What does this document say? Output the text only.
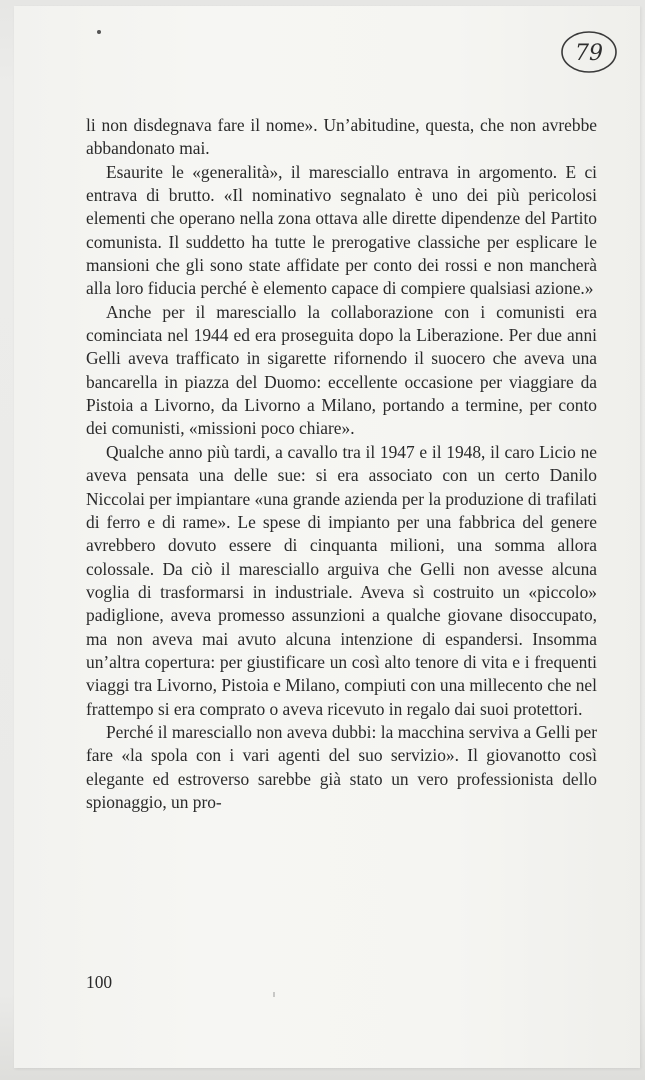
79

li non disdegnava fare il nome». Un’abitudine, questa, che non avrebbe abbandonato mai.

Esaurite le «generalità», il maresciallo entrava in argomento. E ci entrava di brutto. «Il nominativo segnalato è uno dei più pericolosi elementi che operano nella zona ottava alle dirette dipendenze del Partito comunista. Il suddetto ha tutte le prerogative classiche per esplicare le mansioni che gli sono state affidate per conto dei rossi e non mancherà alla loro fiducia perché è elemento capace di compiere qualsiasi azione.»

Anche per il maresciallo la collaborazione con i comunisti era cominciata nel 1944 ed era proseguita dopo la Liberazione. Per due anni Gelli aveva trafficato in sigarette rifornendo il suocero che aveva una bancarella in piazza del Duomo: eccellente occasione per viaggiare da Pistoia a Livorno, da Livorno a Milano, portando a termine, per conto dei comunisti, «missioni poco chiare».

Qualche anno più tardi, a cavallo tra il 1947 e il 1948, il caro Licio ne aveva pensata una delle sue: si era associato con un certo Danilo Niccolai per impiantare «una grande azienda per la produzione di trafilati di ferro e di rame». Le spese di impianto per una fabbrica del genere avrebbero dovuto essere di cinquanta milioni, una somma allora colossale. Da ciò il maresciallo arguiva che Gelli non avesse alcuna voglia di trasformarsi in industriale. Aveva sì costruito un «piccolo» padiglione, aveva promesso assunzioni a qualche giovane disoccupato, ma non aveva mai avuto alcuna intenzione di espandersi. Insomma un’altra copertura: per giustificare un così alto tenore di vita e i frequenti viaggi tra Livorno, Pistoia e Milano, compiuti con una millecento che nel frattempo si era comprato o aveva ricevuto in regalo dai suoi protettori.

Perché il maresciallo non aveva dubbi: la macchina serviva a Gelli per fare «la spola con i vari agenti del suo servizio». Il giovanotto così elegante ed estroverso sarebbe già stato un vero professionista dello spionaggio, un pro-

100
